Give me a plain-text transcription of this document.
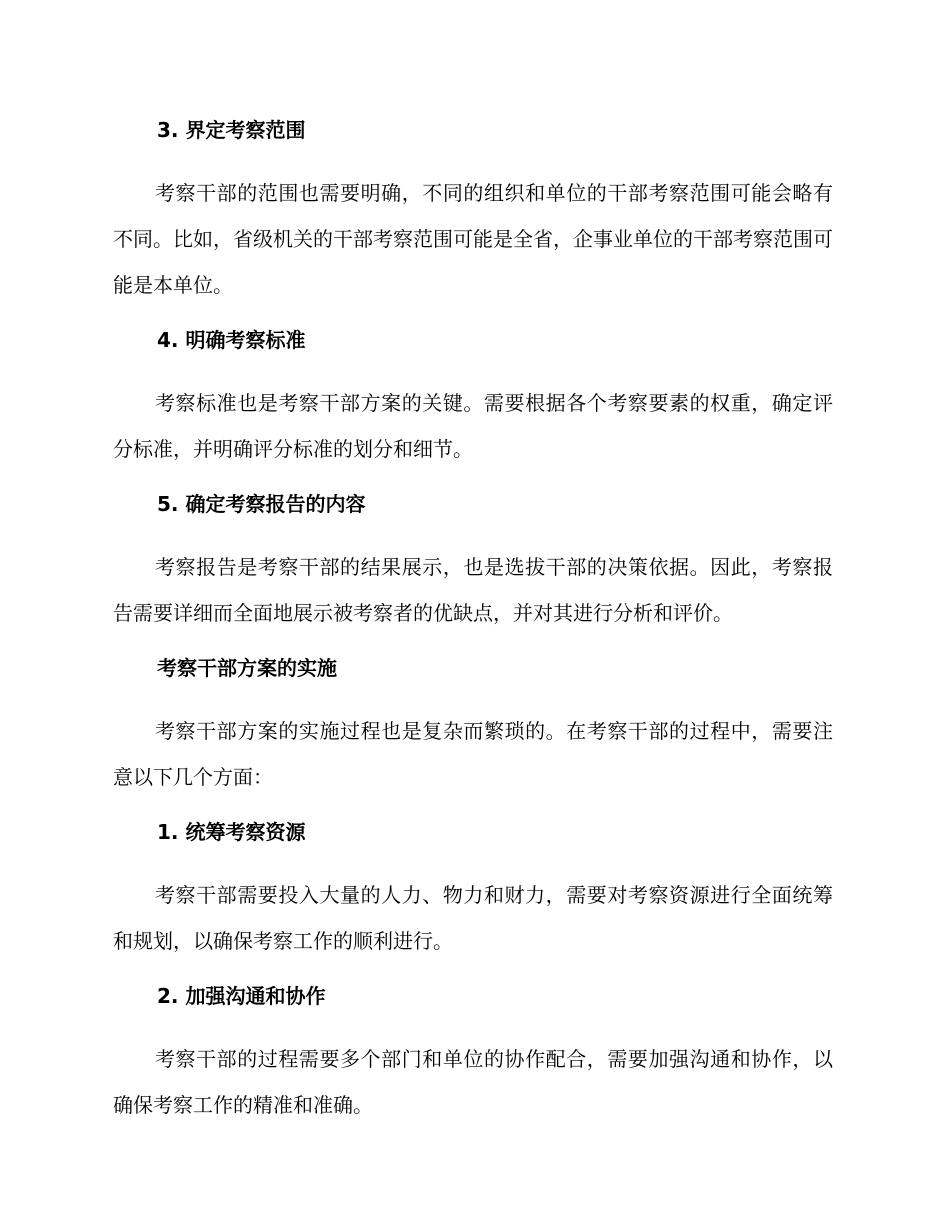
3. 界定考察范围

考察干部的范围也需要明确，不同的组织和单位的干部考察范围可能会略有不同。比如，省级机关的干部考察范围可能是全省，企事业单位的干部考察范围可能是本单位。

4. 明确考察标准

考察标准也是考察干部方案的关键。需要根据各个考察要素的权重，确定评分标准，并明确评分标准的划分和细节。

5. 确定考察报告的内容

考察报告是考察干部的结果展示，也是选拔干部的决策依据。因此，考察报告需要详细而全面地展示被考察者的优缺点，并对其进行分析和评价。

考察干部方案的实施

考察干部方案的实施过程也是复杂而繁琐的。在考察干部的过程中，需要注意以下几个方面：

1. 统筹考察资源

考察干部需要投入大量的人力、物力和财力，需要对考察资源进行全面统筹和规划，以确保考察工作的顺利进行。

2. 加强沟通和协作

考察干部的过程需要多个部门和单位的协作配合，需要加强沟通和协作，以确保考察工作的精准和准确。
